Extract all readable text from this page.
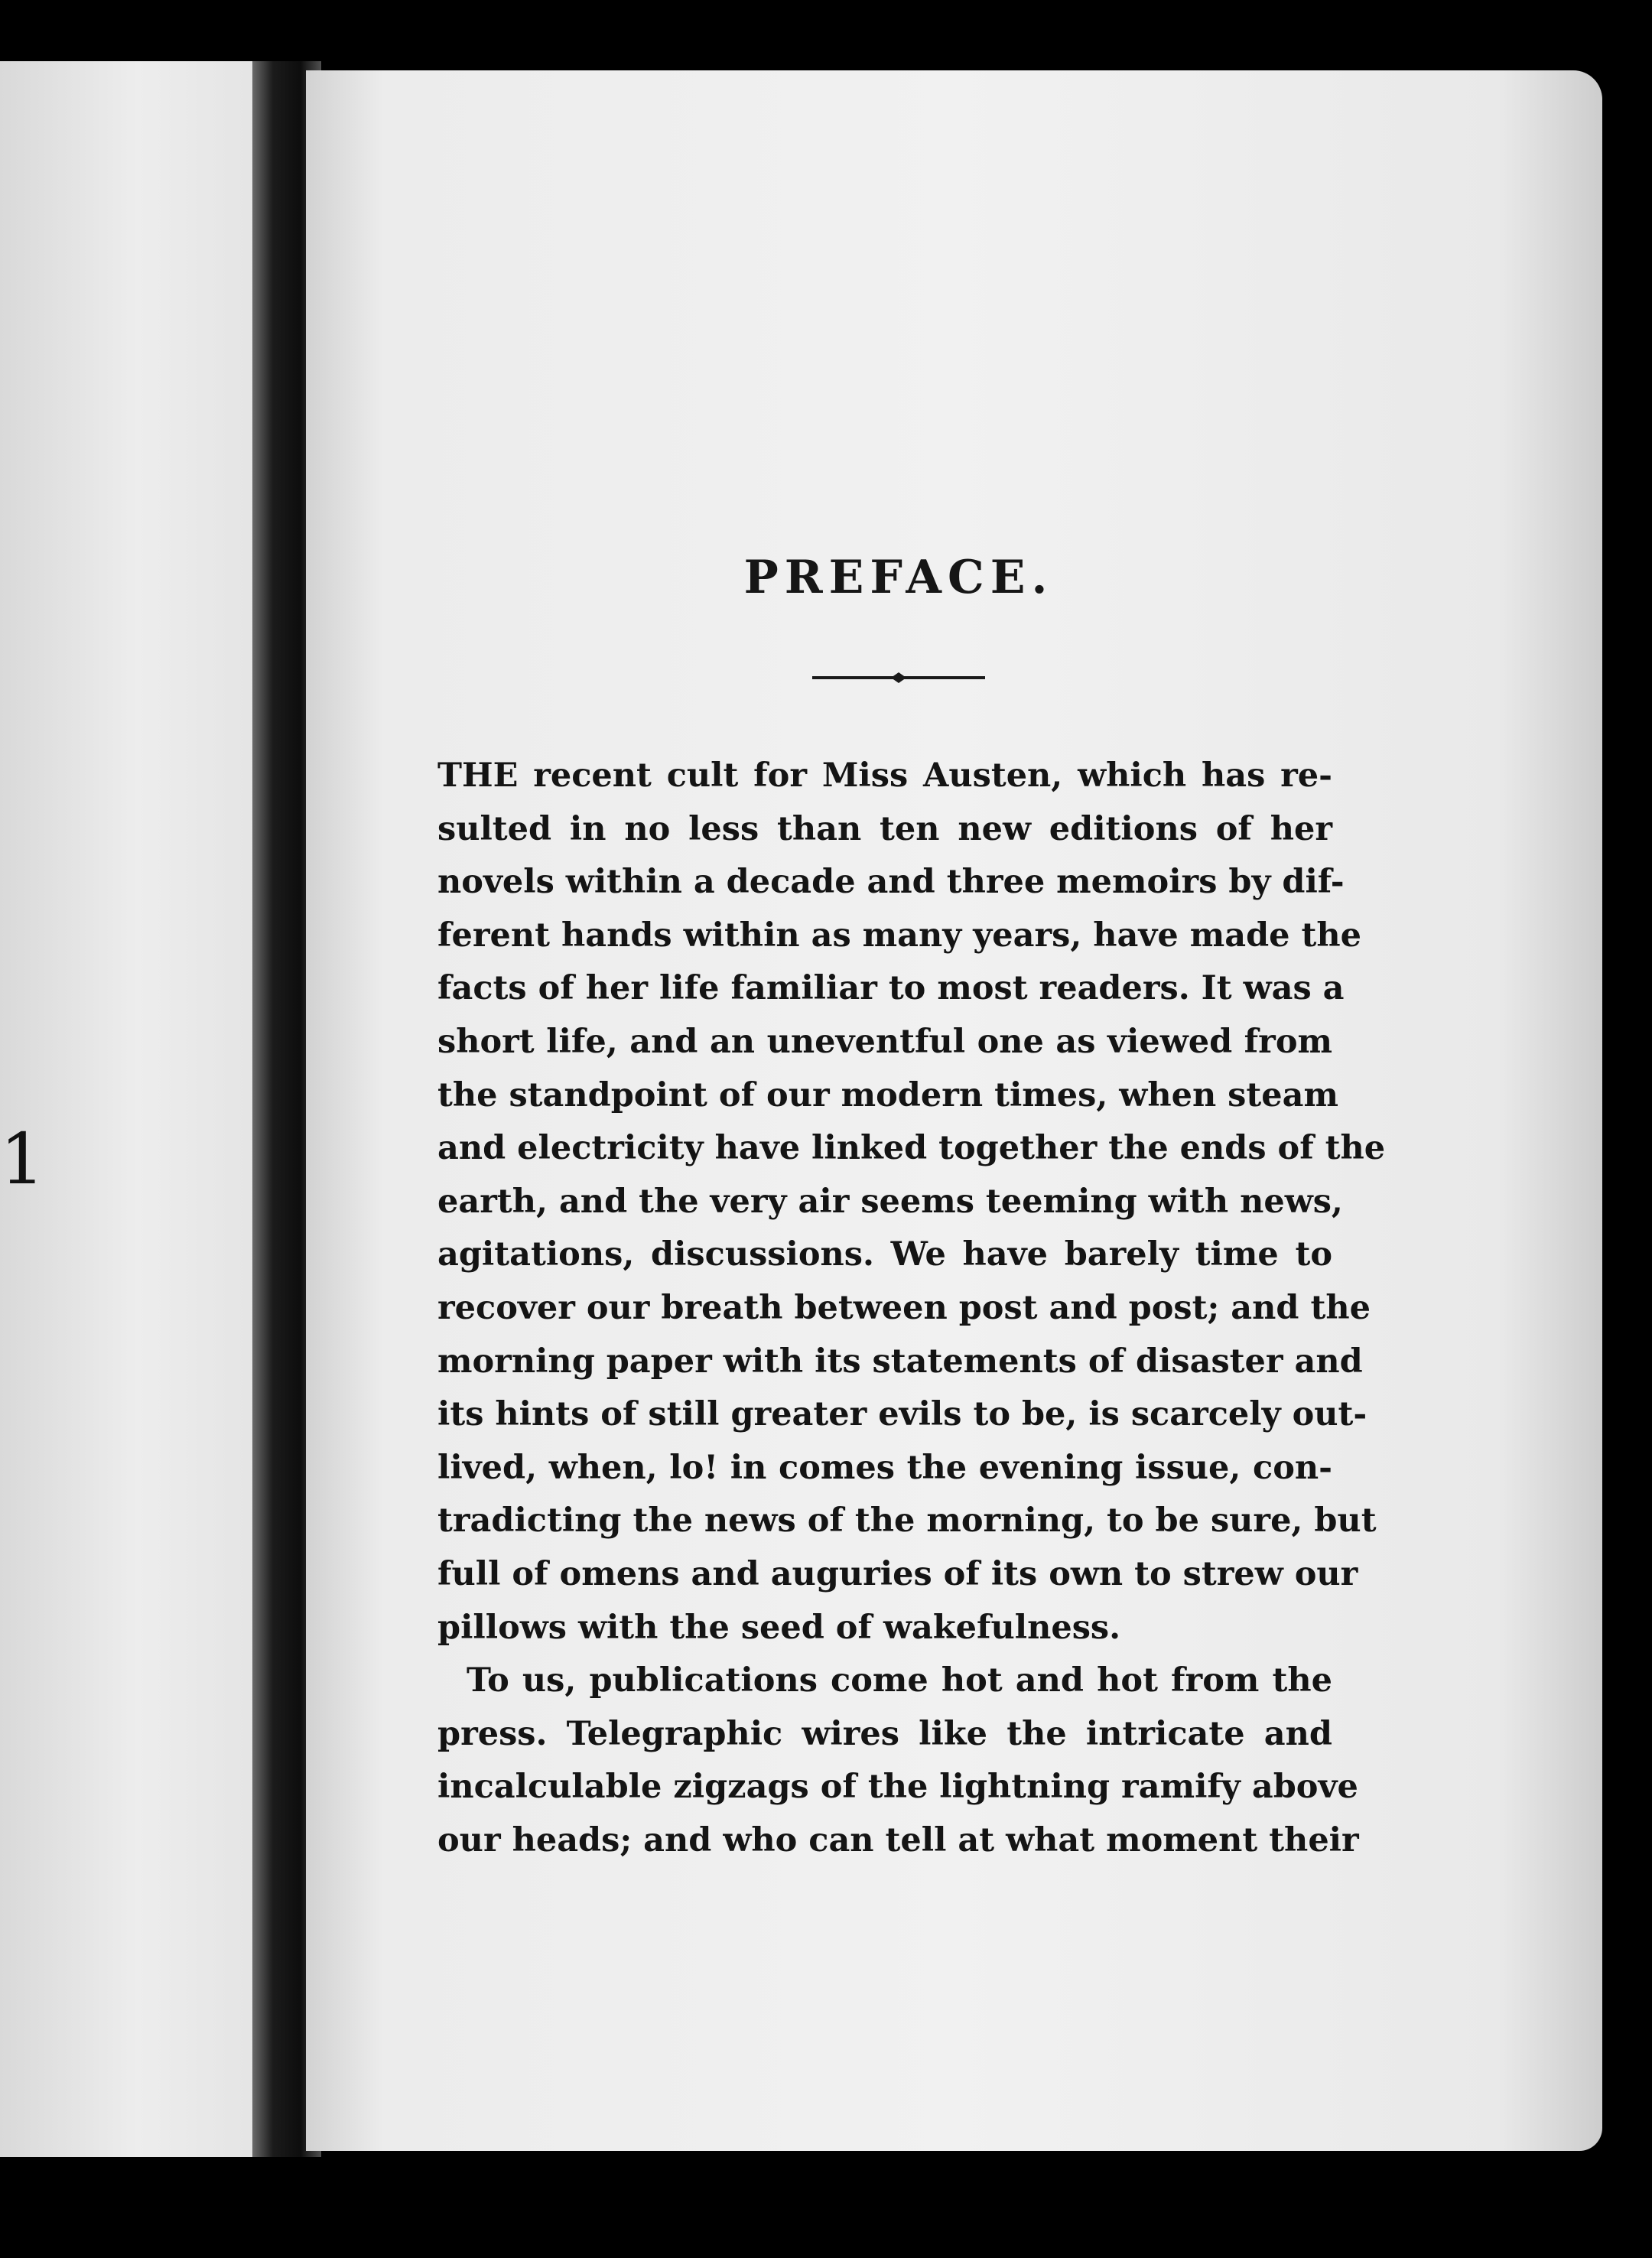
1
PREFACE.

THE recent cult for Miss Austen, which has re-
sulted in no less than ten new editions of her
novels within a decade and three memoirs by dif-
ferent hands within as many years, have made the
facts of her life familiar to most readers. It was a
short life, and an uneventful one as viewed from
the standpoint of our modern times, when steam
and electricity have linked together the ends of the
earth, and the very air seems teeming with news,
agitations, discussions. We have barely time to
recover our breath between post and post; and the
morning paper with its statements of disaster and
its hints of still greater evils to be, is scarcely out-
lived, when, lo! in comes the evening issue, con-
tradicting the news of the morning, to be sure, but
full of omens and auguries of its own to strew our
pillows with the seed of wakefulness.

To us, publications come hot and hot from the
press. Telegraphic wires like the intricate and
incalculable zigzags of the lightning ramify above
our heads; and who can tell at what moment their
